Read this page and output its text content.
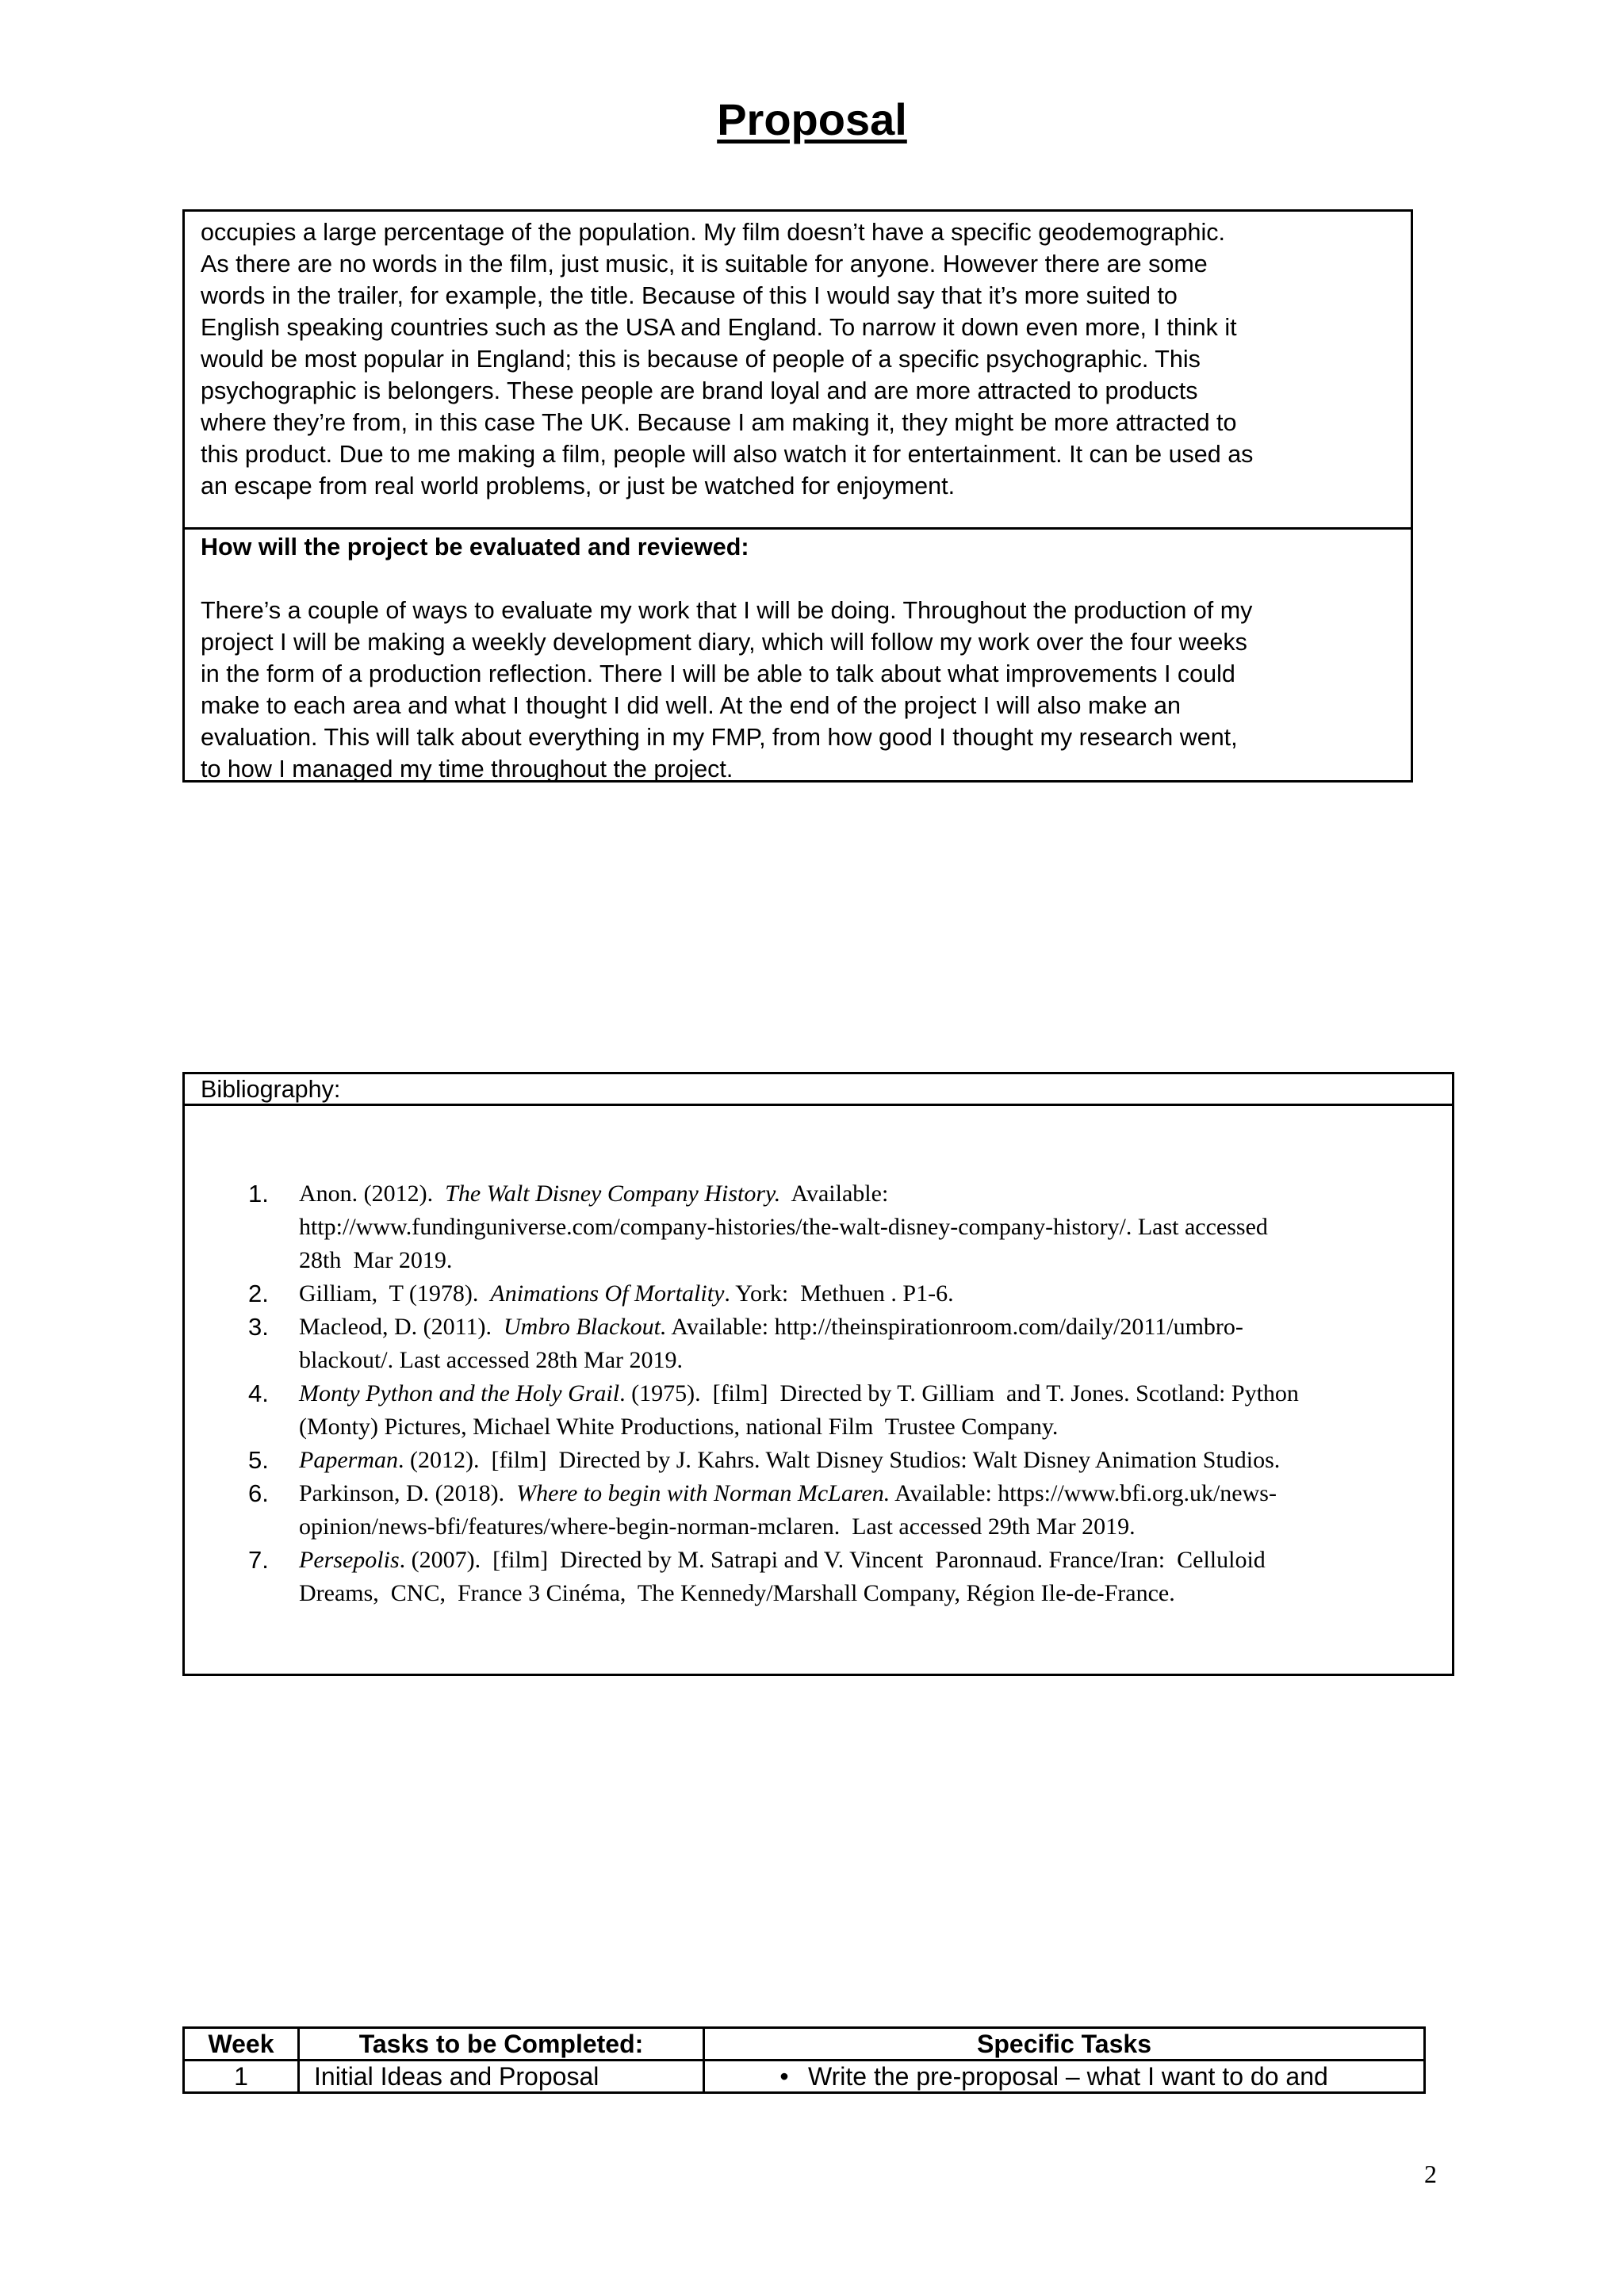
Proposal
occupies a large percentage of the population. My film doesn’t have a specific geodemographic.
As there are no words in the film, just music, it is suitable for anyone. However there are some
words in the trailer, for example, the title. Because of this I would say that it’s more suited to
English speaking countries such as the USA and England. To narrow it down even more, I think it
would be most popular in England; this is because of people of a specific psychographic. This
psychographic is belongers. These people are brand loyal and are more attracted to products
where they’re from, in this case The UK. Because I am making it, they might be more attracted to
this product. Due to me making a film, people will also watch it for entertainment. It can be used as
an escape from real world problems, or just be watched for enjoyment.
How will the project be evaluated and reviewed:
There’s a couple of ways to evaluate my work that I will be doing. Throughout the production of my
project I will be making a weekly development diary, which will follow my work over the four weeks
in the form of a production reflection. There I will be able to talk about what improvements I could
make to each area and what I thought I did well. At the end of the project I will also make an
evaluation. This will talk about everything in my FMP, from how good I thought my research went,
to how I managed my time throughout the project.
Bibliography:
1. Anon. (2012).  The Walt Disney Company History.  Available:
http://www.fundinguniverse.com/company-histories/the-walt-disney-company-history/. Last accessed
28th  Mar 2019.
2. Gilliam,  T (1978).  Animations Of Mortality. York:  Methuen . P1-6.
3. Macleod, D. (2011).  Umbro Blackout. Available: http://theinspirationroom.com/daily/2011/umbro-
blackout/. Last accessed 28th Mar 2019.
4. Monty Python and the Holy Grail. (1975).  [film]  Directed by T. Gilliam  and T. Jones. Scotland: Python
(Monty) Pictures, Michael White Productions, national Film  Trustee Company.
5. Paperman. (2012).  [film]  Directed by J. Kahrs. Walt Disney Studios: Walt Disney Animation Studios.
6. Parkinson, D. (2018).  Where to begin with Norman McLaren. Available: https://www.bfi.org.uk/news-
opinion/news-bfi/features/where-begin-norman-mclaren.  Last accessed 29th Mar 2019.
7. Persepolis. (2007).  [film]  Directed by M. Satrapi and V. Vincent  Paronnaud. France/Iran:  Celluloid
Dreams,  CNC,  France 3 Cinéma,  The Kennedy/Marshall Company, Région Ile-de-France.
Week	Tasks to be Completed:	Specific Tasks
1	Initial Ideas and Proposal	• Write the pre-proposal – what I want to do and
2
